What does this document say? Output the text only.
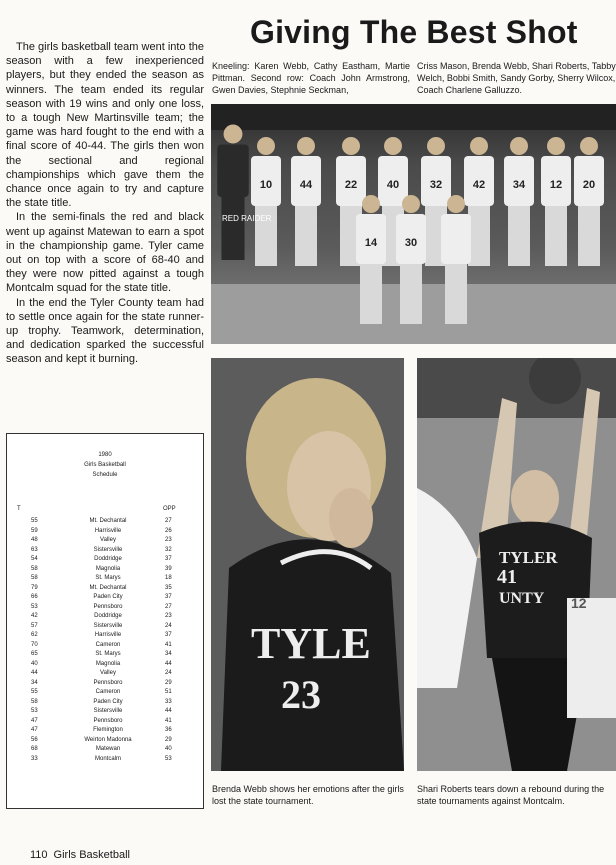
Giving The Best Shot

The girls basketball team went into the season with a few inexperienced players, but they ended the season as winners. The team ended its regular season with 19 wins and only one loss, to a tough New Martinsville team; the game was hard fought to the end with a final score of 40-44. The girls then won the sectional and regional championships which gave them the chance once again to try and capture the state title.

In the semi-finals the red and black went up against Matewan to earn a spot in the championship game. Tyler came out on top with a score of 68-40 and they were now pitted against a tough Montcalm squad for the state title.

In the end the Tyler County team had to settle once again for the state runner-up trophy. Teamwork, determination, and dedication sparked the successful season and kept it burning.

Kneeling: Karen Webb, Cathy Eastham, Martie Pittman. Second row: Coach John Armstrong, Gwen Davies, Stephnie Seckman,
Criss Mason, Brenda Webb, Shari Roberts, Tabby Welch, Bobbi Smith, Sandy Gorby, Sherry Wilcox, Coach Charlene Galluzzo.
1980
Girls Basketball
Schedule
T	OPP
55	Mt. Dechantal	27
59	Harrisville	26
48	Valley	23
63	Sistersville	32
54	Doddridge	37
58	Magnolia	39
58	St. Marys	18
79	Mt. Dechantal	35
66	Paden City	37
53	Pennsboro	27
42	Doddridge	23
57	Sistersville	24
62	Harrisville	37
70	Cameron	41
65	St. Marys	34
40	Magnolia	44
44	Valley	24
34	Pennsboro	29
55	Cameron	51
58	Paden City	33
53	Sistersville	44
47	Pennsboro	41
47	Flemington	36
56	Weirton Madonna	29
68	Matewan	40
33	Montcalm	53
10	44	22	40	32	42	34 12 20
14	30
RED RAIDER
TYLE
23
TYLER
41
UNTY 12
Brenda Webb shows her emotions after the girls lost the state tournament.
Shari Roberts tears down a rebound during the state tournaments against Montcalm.
110 Girls Basketball
